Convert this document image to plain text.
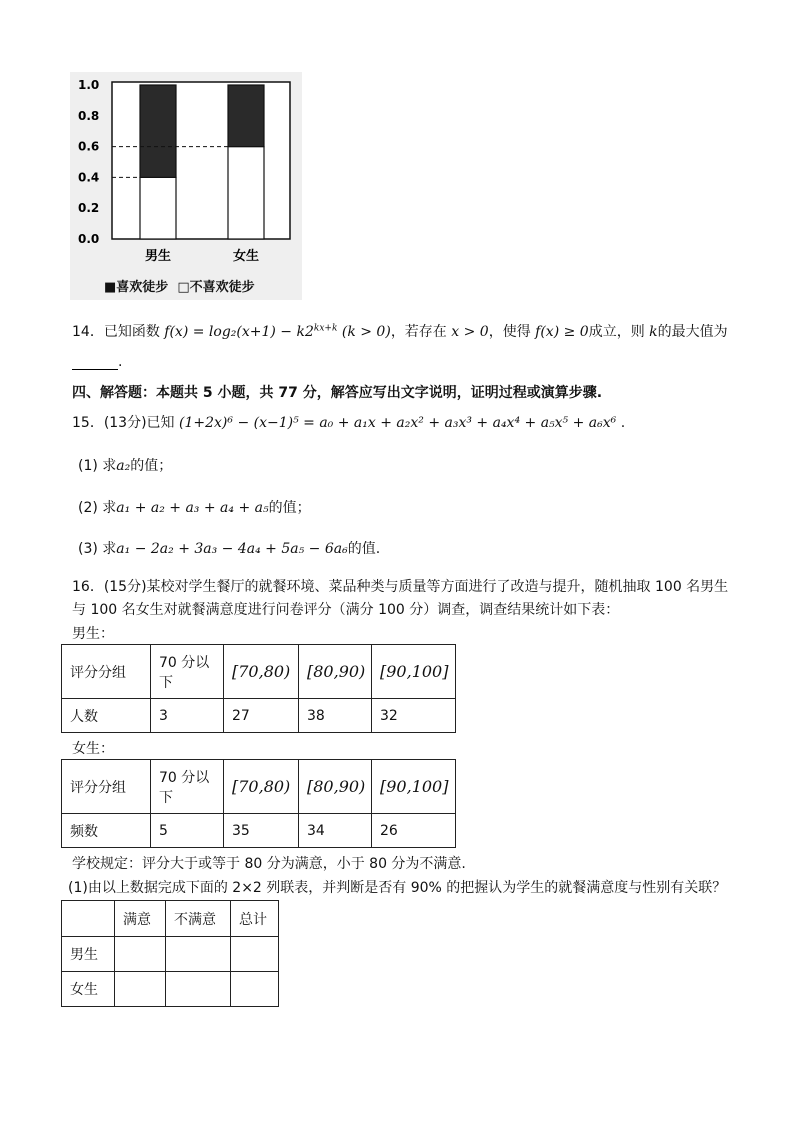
1.0
0.8
0.6
0.4
0.2
0.0
男生	女生
■喜欢徒步 □不喜欢徒步
14．已知函数 $f(x) = \log_2(x+1) - k2^{kx+k}$ (k > 0)，若存在 x > 0，使得 f(x) ≥ 0成立，则 k的最大值为
.
四、解答题：本题共 5 小题，共 77 分，解答应写出文字说明，证明过程或演算步骤.
15．(13分)已知 (1+2x)⁶ − (x−1)⁵ = a₀ + a₁x + a₂x² + a₃x³ + a₄x⁴ + a₅x⁵ + a₆x⁶ .
(1) 求a₂的值；
(2) 求a₁ + a₂ + a₃ + a₄ + a₅的值；
(3) 求a₁ − 2a₂ + 3a₃ − 4a₄ + 5a₅ − 6a₆的值.
16．(15分)某校对学生餐厅的就餐环境、菜品种类与质量等方面进行了改造与提升，随机抽取 100 名男生
与 100 名女生对就餐满意度进行问卷评分（满分 100 分）调查，调查结果统计如下表：
男生：
评分分组	70 分以下	[70,80)	[80,90)	[90,100]
人数	3	27	38	32
女生：
评分分组	70 分以下	[70,80)	[80,90)	[90,100]
频数	5	35	34	26
学校规定：评分大于或等于 80 分为满意，小于 80 分为不满意.
(1)由以上数据完成下面的 2×2 列联表，并判断是否有 90% 的把握认为学生的就餐满意度与性别有关联？
	满意	不满意	总计
男生			
女生			
